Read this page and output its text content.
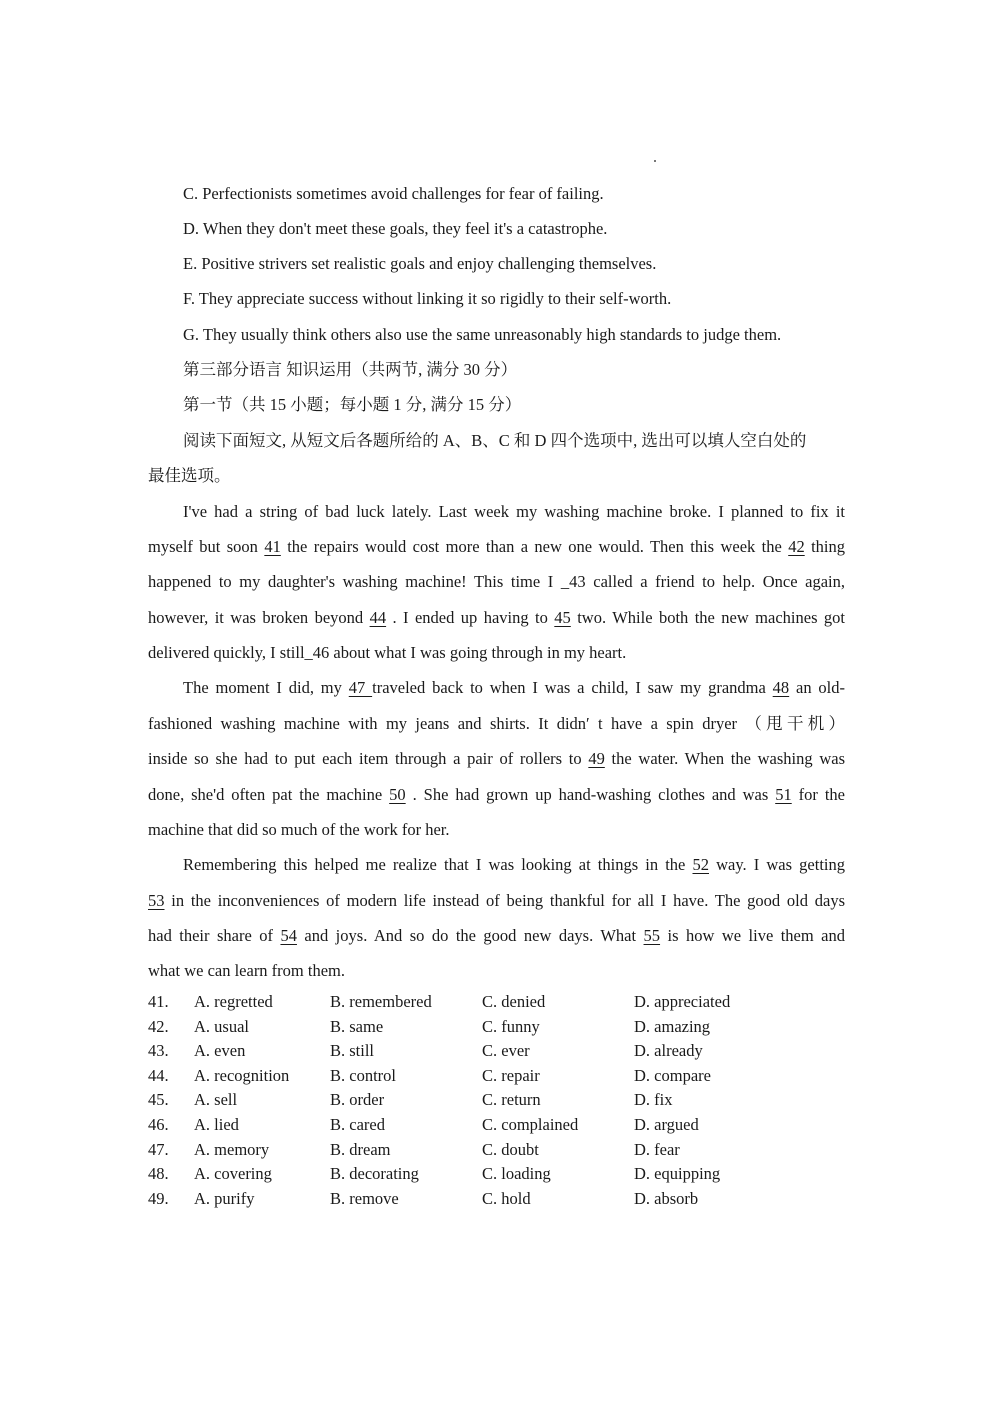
C. Perfectionists sometimes avoid challenges for fear of failing.
D. When they don't meet these goals, they feel it's a catastrophe.
E. Positive strivers set realistic goals and enjoy challenging themselves.
F. They appreciate success without linking it so rigidly to their self-worth.
G. They usually think others also use the same unreasonably high standards to judge them.
第三部分语言 知识运用（共两节, 满分 30 分）
第一节（共 15 小题；每小题 1 分, 满分 15 分）
阅读下面短文, 从短文后各题所给的 A、B、C 和 D 四个选项中, 选出可以填人空白处的
最佳选项。
I've had a string of bad luck lately. Last week my washing machine broke. I planned to fix it
myself but soon 41 the repairs would cost more than a new one would. Then this week the 42 thing
happened to my daughter's washing machine! This time I _43 called a friend to help. Once again,
however, it was broken beyond 44 . I ended up having to 45 two. While both the new machines got
delivered quickly, I still_46 about what I was going through in my heart.
The moment I did, my 47 traveled back to when I was a child, I saw my grandma 48 an old-
fashioned washing machine with my jeans and shirts. It didn′ t have a spin dryer （甩干机）
inside so she had to put each item through a pair of rollers to 49 the water. When the washing was
done, she'd often pat the machine 50 . She had grown up hand-washing clothes and was 51 for the
machine that did so much of the work for her.
Remembering this helped me realize that I was looking at things in the 52 way. I was getting
53 in the inconveniences of modern life instead of being thankful for all I have. The good old days
had their share of 54 and joys. And so do the good new days. What 55 is how we live them and
what we can learn from them.
41. A. regretted	B. remembered	C. denied	D. appreciated
42. A. usual	B. same	C. funny	D. amazing
43. A. even	B. still	C. ever	D. already
44. A. recognition B. control	C. repair	D. compare
45. A. sell	B. order	C. return	D. fix
46. A. lied	B. cared	C. complained	D. argued
47. A. memory	B. dream	C. doubt	D. fear
48. A. covering	B. decorating	C. loading	D. equipping
49. A. purify	B. remove	C. hold	D. absorb
